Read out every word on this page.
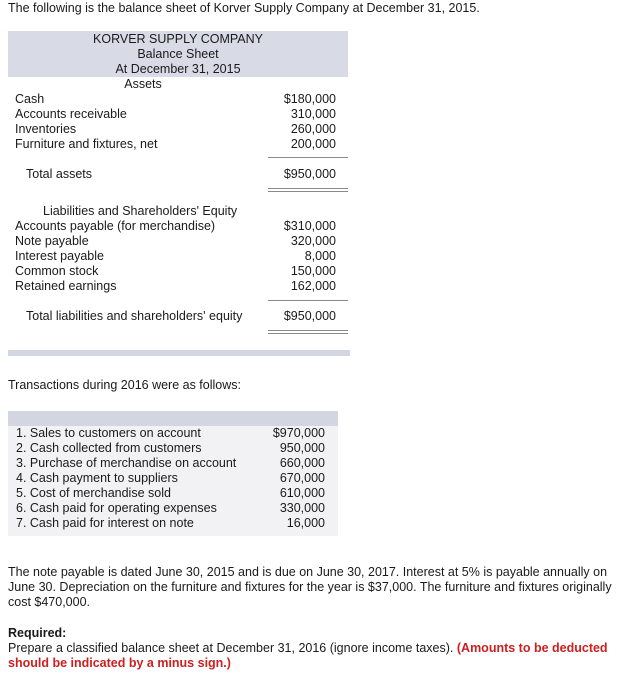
The following is the balance sheet of Korver Supply Company at December 31, 2015.
KORVER SUPPLY COMPANY
Balance Sheet
At December 31, 2015
Assets
Cash	$180,000
Accounts receivable	310,000
Inventories	260,000
Furniture and fixtures, net	200,000
Total assets	$950,000
Liabilities and Shareholders' Equity
Accounts payable (for merchandise)	$310,000
Note payable	320,000
Interest payable	8,000
Common stock	150,000
Retained earnings	162,000
Total liabilities and shareholders' equity	$950,000
Transactions during 2016 were as follows:
1. Sales to customers on account	$970,000
2. Cash collected from customers	950,000
3. Purchase of merchandise on account	660,000
4. Cash payment to suppliers	670,000
5. Cost of merchandise sold	610,000
6. Cash paid for operating expenses	330,000
7. Cash paid for interest on note	16,000
The note payable is dated June 30, 2015 and is due on June 30, 2017. Interest at 5% is payable annually on June 30. Depreciation on the furniture and fixtures for the year is $37,000. The furniture and fixtures originally cost $470,000.
Required:
Prepare a classified balance sheet at December 31, 2016 (ignore income taxes). (Amounts to be deducted should be indicated by a minus sign.)
